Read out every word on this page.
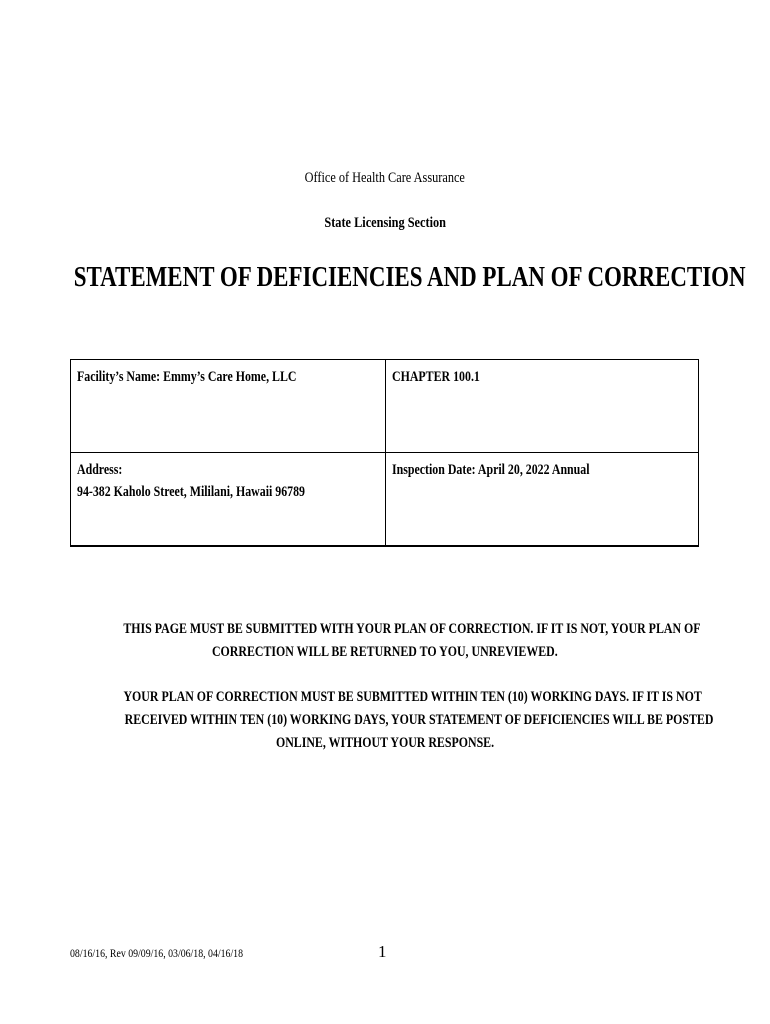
Office of Health Care Assurance
State Licensing Section
STATEMENT OF DEFICIENCIES AND PLAN OF CORRECTION
Facility’s Name: Emmy’s Care Home, LLC	CHAPTER 100.1
Address:
94-382 Kaholo Street, Mililani, Hawaii 96789	Inspection Date: April 20, 2022 Annual
THIS PAGE MUST BE SUBMITTED WITH YOUR PLAN OF CORRECTION. IF IT IS NOT, YOUR PLAN OF
CORRECTION WILL BE RETURNED TO YOU, UNREVIEWED.
YOUR PLAN OF CORRECTION MUST BE SUBMITTED WITHIN TEN (10) WORKING DAYS. IF IT IS NOT
RECEIVED WITHIN TEN (10) WORKING DAYS, YOUR STATEMENT OF DEFICIENCIES WILL BE POSTED
ONLINE, WITHOUT YOUR RESPONSE.
08/16/16, Rev 09/09/16, 03/06/18, 04/16/18	1
